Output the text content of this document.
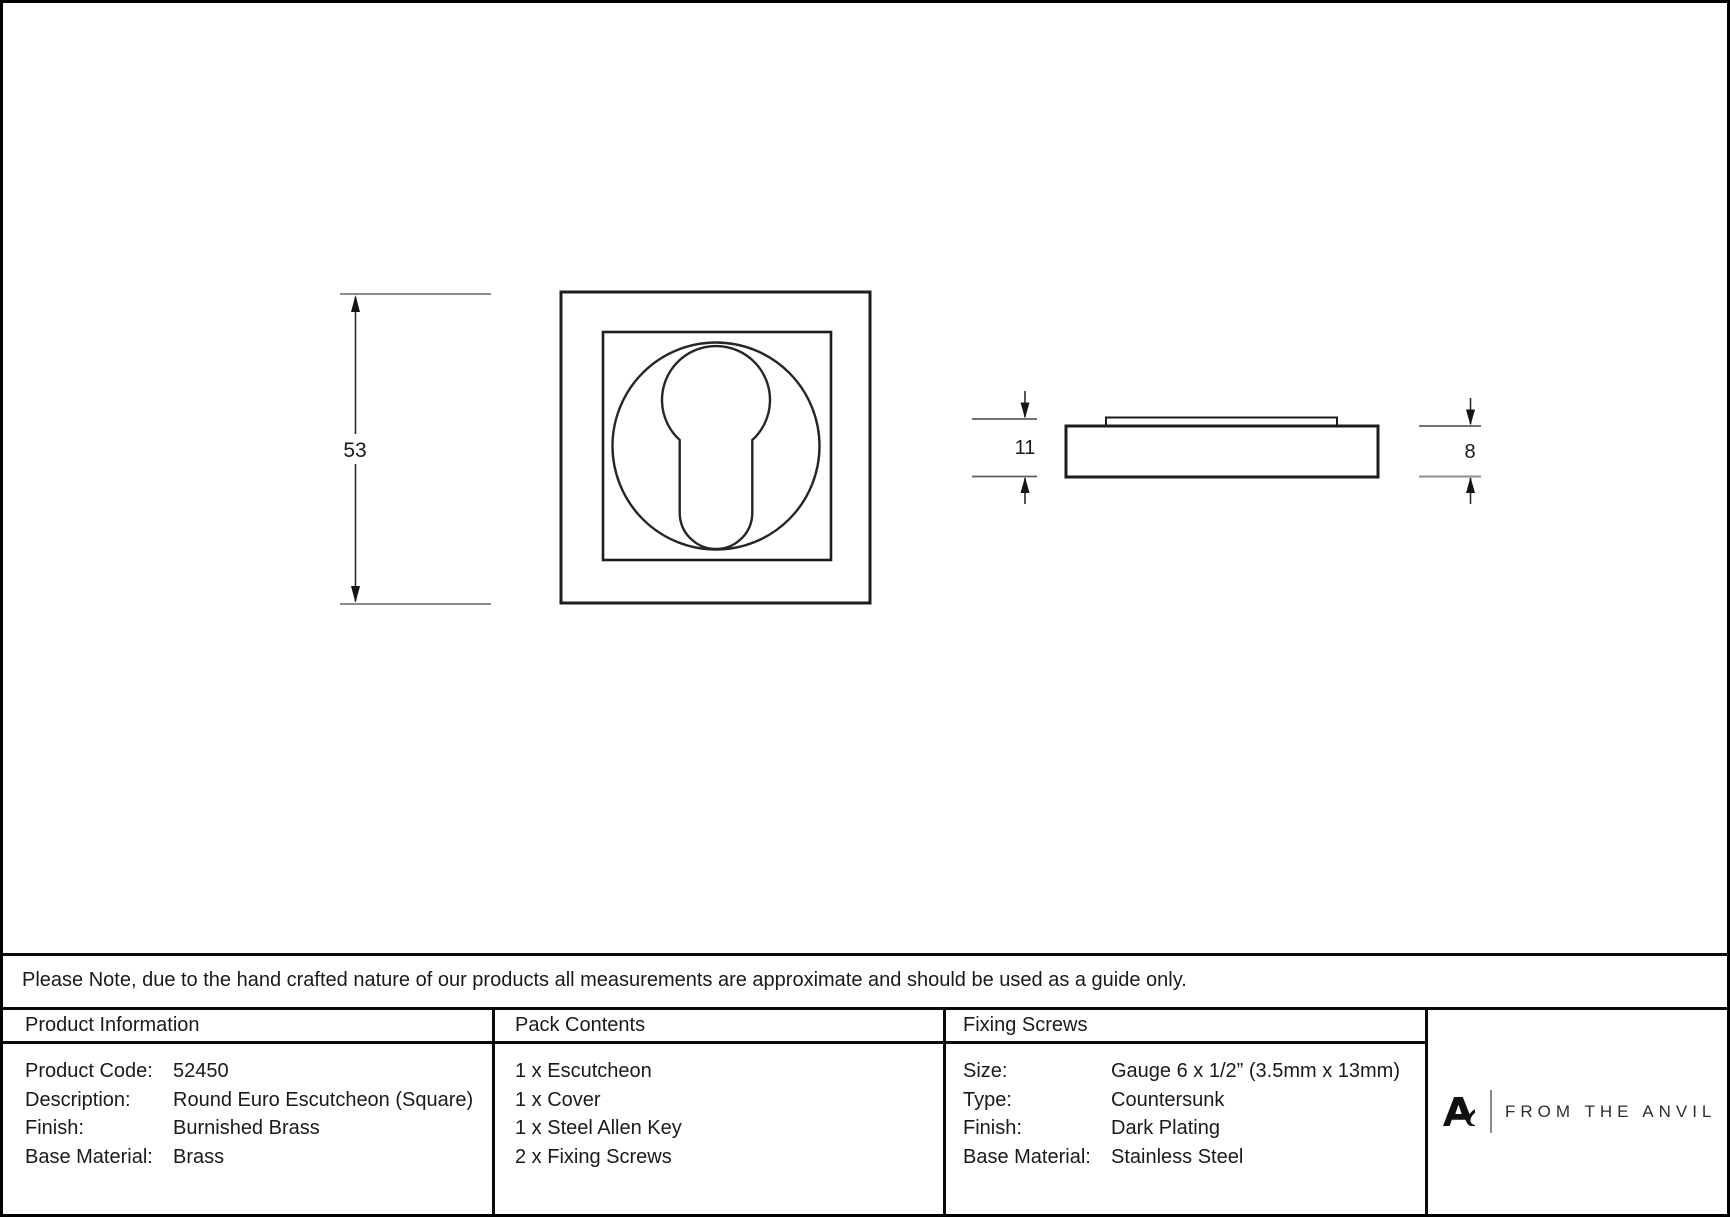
53	11	8
Please Note, due to the hand crafted nature of our products all measurements are approximate and should be used as a guide only.
Product Information	Pack Contents	Fixing Screws
Product Code:	52450
Description:	Round Euro Escutcheon (Square)
Finish:	Burnished Brass
Base Material:	Brass
1 x Escutcheon
1 x Cover
1 x Steel Allen Key
2 x Fixing Screws
Size:	Gauge 6 x 1/2” (3.5mm x 13mm)
Type:	Countersunk
Finish:	Dark Plating
Base Material:	Stainless Steel
FROM THE ANVIL
